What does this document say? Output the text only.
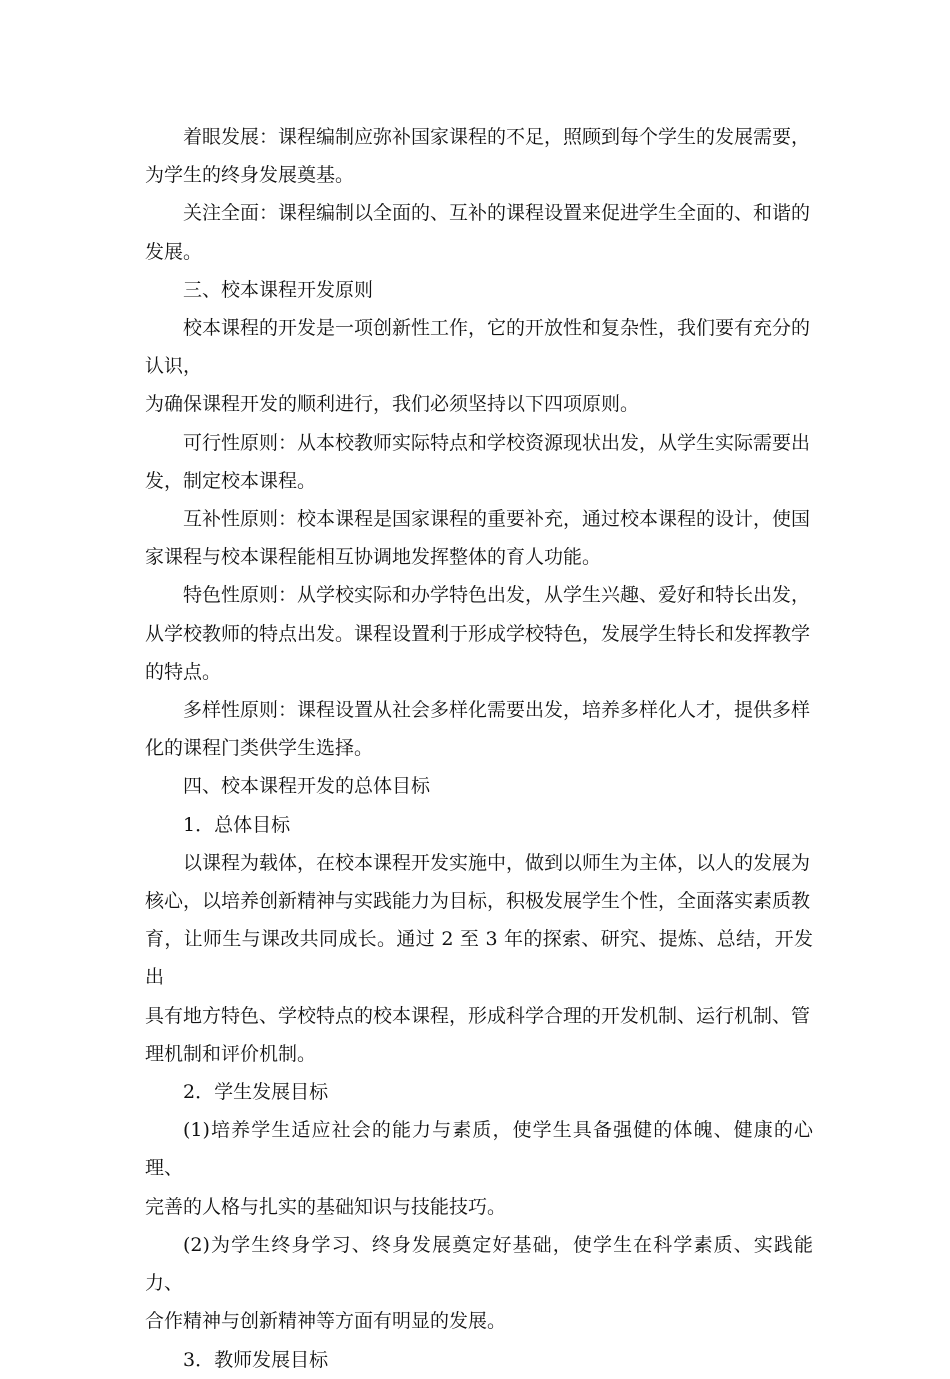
着眼发展：课程编制应弥补国家课程的不足，照顾到每个学生的发展需要，
为学生的终身发展奠基。

关注全面：课程编制以全面的、互补的课程设置来促进学生全面的、和谐的
发展。

三、校本课程开发原则

校本课程的开发是一项创新性工作，它的开放性和复杂性，我们要有充分的
认识，

为确保课程开发的顺利进行，我们必须坚持以下四项原则。

可行性原则：从本校教师实际特点和学校资源现状出发，从学生实际需要出
发，制定校本课程。

互补性原则：校本课程是国家课程的重要补充，通过校本课程的设计，使国
家课程与校本课程能相互协调地发挥整体的育人功能。

特色性原则：从学校实际和办学特色出发，从学生兴趣、爱好和特长出发，
从学校教师的特点出发。课程设置利于形成学校特色，发展学生特长和发挥教学
的特点。

多样性原则：课程设置从社会多样化需要出发，培养多样化人才，提供多样
化的课程门类供学生选择。

四、校本课程开发的总体目标

1．总体目标

以课程为载体，在校本课程开发实施中，做到以师生为主体，以人的发展为
核心，以培养创新精神与实践能力为目标，积极发展学生个性，全面落实素质教
育，让师生与课改共同成长。通过 2 至 3 年的探索、研究、提炼、总结，开发出
具有地方特色、学校特点的校本课程，形成科学合理的开发机制、运行机制、管
理机制和评价机制。

2．学生发展目标

(1)培养学生适应社会的能力与素质，使学生具备强健的体魄、健康的心理、
完善的人格与扎实的基础知识与技能技巧。

(2)为学生终身学习、终身发展奠定好基础，使学生在科学素质、实践能力、
合作精神与创新精神等方面有明显的发展。

3．教师发展目标
